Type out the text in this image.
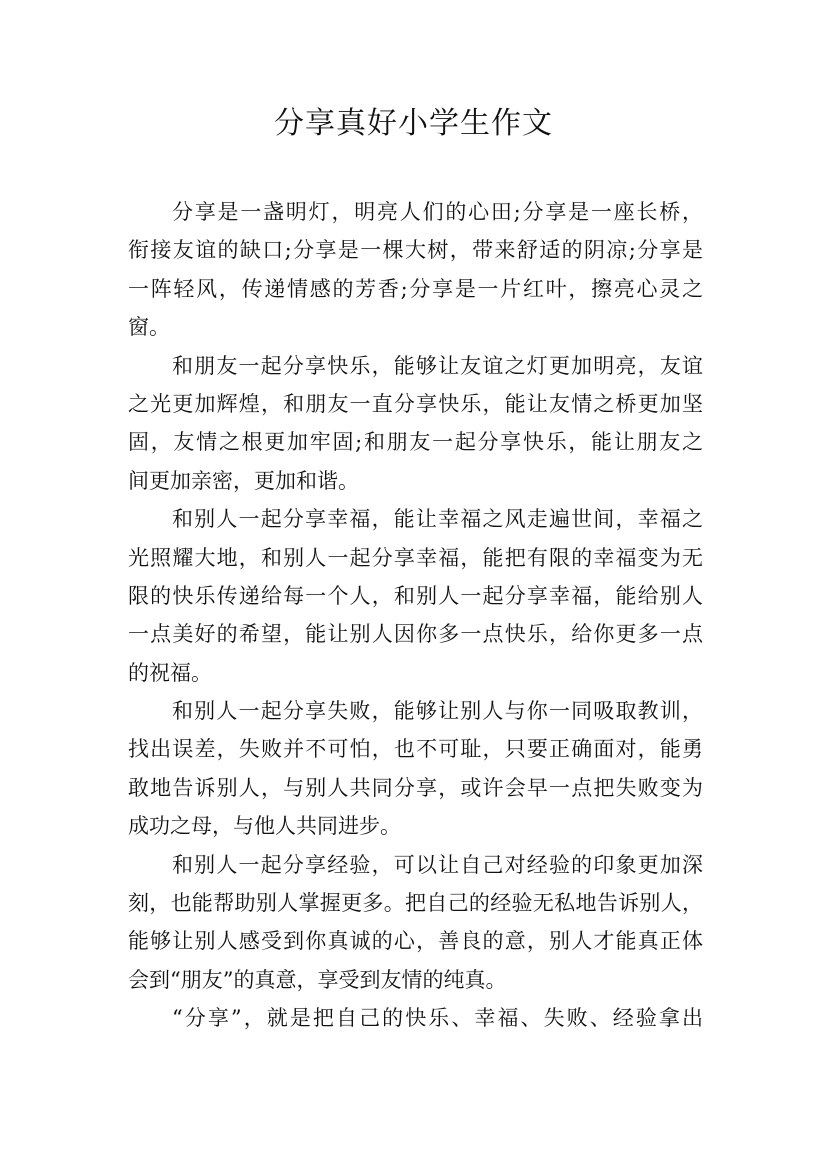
分享真好小学生作文
分享是一盏明灯，明亮人们的心田;分享是一座长桥，
衔接友谊的缺口;分享是一棵大树，带来舒适的阴凉;分享是
一阵轻风，传递情感的芳香;分享是一片红叶，擦亮心灵之
窗。
和朋友一起分享快乐，能够让友谊之灯更加明亮，友谊
之光更加辉煌，和朋友一直分享快乐，能让友情之桥更加坚
固，友情之根更加牢固;和朋友一起分享快乐，能让朋友之
间更加亲密，更加和谐。
和别人一起分享幸福，能让幸福之风走遍世间，幸福之
光照耀大地，和别人一起分享幸福，能把有限的幸福变为无
限的快乐传递给每一个人，和别人一起分享幸福，能给别人
一点美好的希望，能让别人因你多一点快乐，给你更多一点
的祝福。
和别人一起分享失败，能够让别人与你一同吸取教训，
找出误差，失败并不可怕，也不可耻，只要正确面对，能勇
敢地告诉别人，与别人共同分享，或许会早一点把失败变为
成功之母，与他人共同进步。
和别人一起分享经验，可以让自己对经验的印象更加深
刻，也能帮助别人掌握更多。把自己的经验无私地告诉别人，
能够让别人感受到你真诚的心，善良的意，别人才能真正体
会到“朋友”的真意，享受到友情的纯真。
“分享”，就是把自己的快乐、幸福、失败、经验拿出
